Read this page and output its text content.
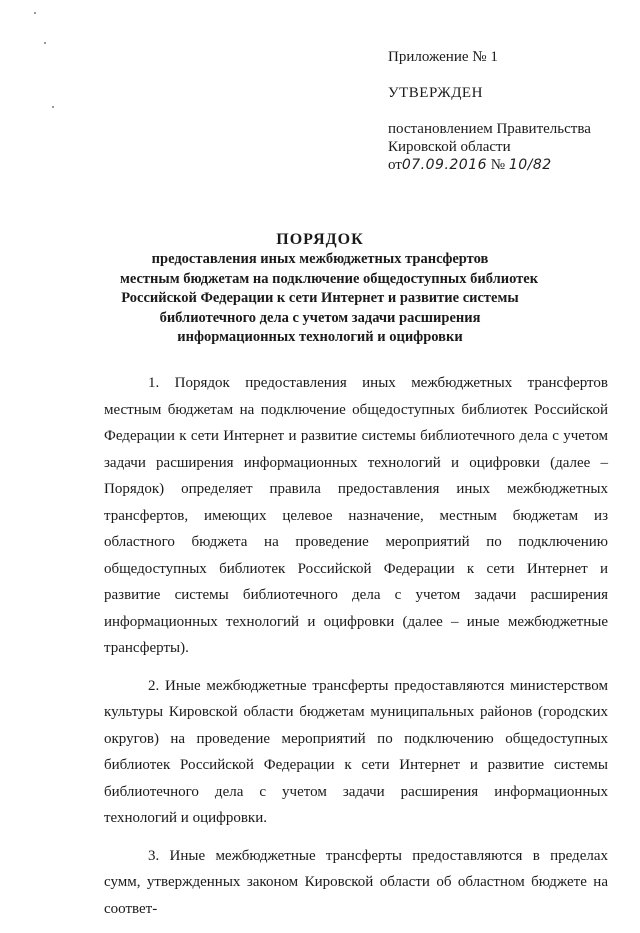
Приложение № 1
УТВЕРЖДЕН
постановлением Правительства
Кировской области
от07.09.2016 № 10/82
ПОРЯДОК
предоставления иных межбюджетных трансфертов
местным бюджетам на подключение общедоступных библиотек
Российской Федерации к сети Интернет и развитие системы
библиотечного дела с учетом задачи расширения
информационных технологий и оцифровки

1. Порядок предоставления иных межбюджетных трансфертов местным бюджетам на подключение общедоступных библиотек Российской Федерации к сети Интернет и развитие системы библиотечного дела с учетом задачи расширения информационных технологий и оцифровки (далее – Порядок) определяет правила предоставления иных межбюджетных трансфертов, имеющих целевое назначение, местным бюджетам из областного бюджета на проведение мероприятий по подключению общедоступных библиотек Российской Федерации к сети Интернет и развитие системы библиотечного дела с учетом задачи расширения информационных технологий и оцифровки (далее – иные межбюджетные трансферты).

2. Иные межбюджетные трансферты предоставляются министерством культуры Кировской области бюджетам муниципальных районов (городских округов) на проведение мероприятий по подключению общедоступных библиотек Российской Федерации к сети Интернет и развитие системы библиотечного дела с учетом задачи расширения информационных технологий и оцифровки.

3. Иные межбюджетные трансферты предоставляются в пределах сумм, утвержденных законом Кировской области об областном бюджете на соответ-
